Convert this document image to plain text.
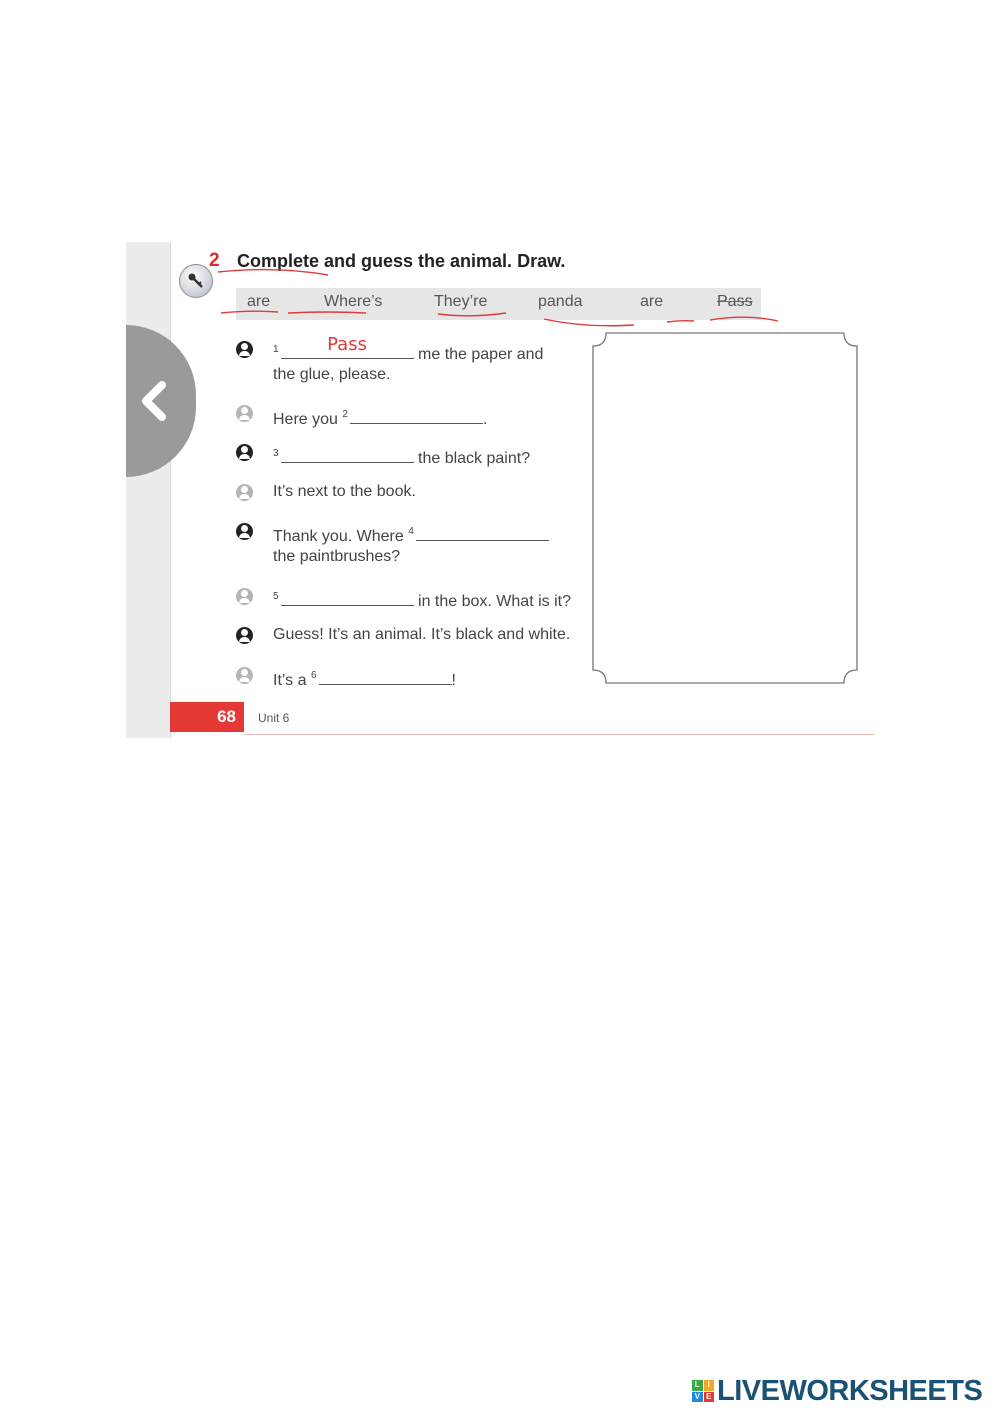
2 Complete and guess the animal. Draw.
are	Where’s	They’re	panda	are	Pass
$^1$	Pass	me the paper and
the glue, please.
Here you $^2$	.
$^3$	the black paint?
It’s next to the book.
Thank you. Where $^4$
the paintbrushes?
$^5$	in the box. What is it?
Guess! It’s an animal. It’s black and white.
It’s a $^6$	!
68	Unit 6
L I
V E LIVEWORKSHEETS
